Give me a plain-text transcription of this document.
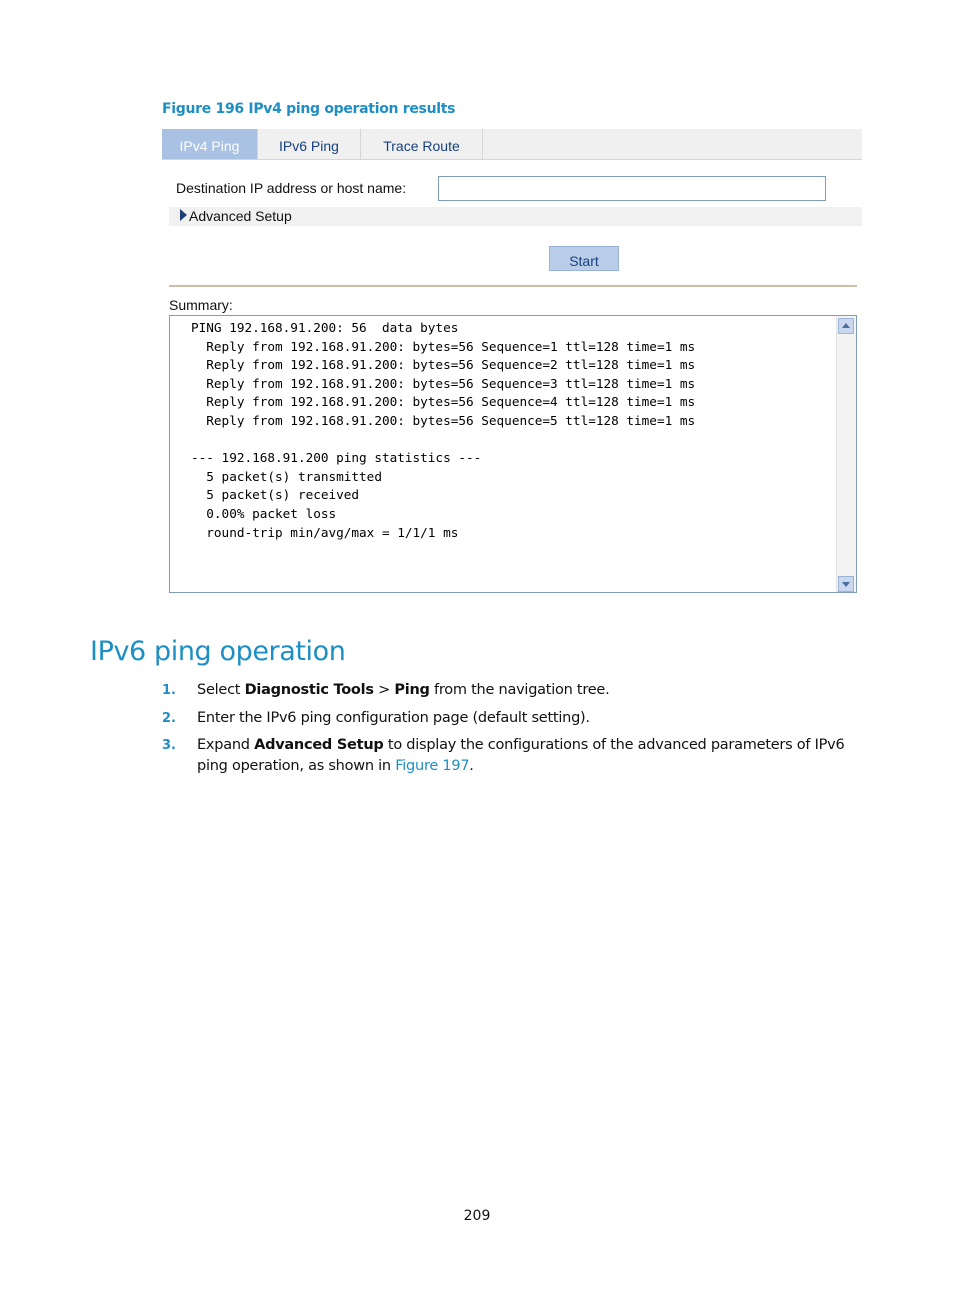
Figure 196 IPv4 ping operation results
IPv4 Ping	IPv6 Ping	Trace Route
Destination IP address or host name:
Advanced Setup
Start
Summary:
PING 192.168.91.200: 56  data bytes
Reply from 192.168.91.200: bytes=56 Sequence=1 ttl=128 time=1 ms
Reply from 192.168.91.200: bytes=56 Sequence=2 ttl=128 time=1 ms
Reply from 192.168.91.200: bytes=56 Sequence=3 ttl=128 time=1 ms
Reply from 192.168.91.200: bytes=56 Sequence=4 ttl=128 time=1 ms
Reply from 192.168.91.200: bytes=56 Sequence=5 ttl=128 time=1 ms

--- 192.168.91.200 ping statistics ---
5 packet(s) transmitted
5 packet(s) received
0.00% packet loss
round-trip min/avg/max = 1/1/1 ms
IPv6 ping operation
1. Select Diagnostic Tools > Ping from the navigation tree.
2. Enter the IPv6 ping configuration page (default setting).
3. Expand Advanced Setup to display the configurations of the advanced parameters of IPv6 ping operation, as shown in Figure 197.
209
